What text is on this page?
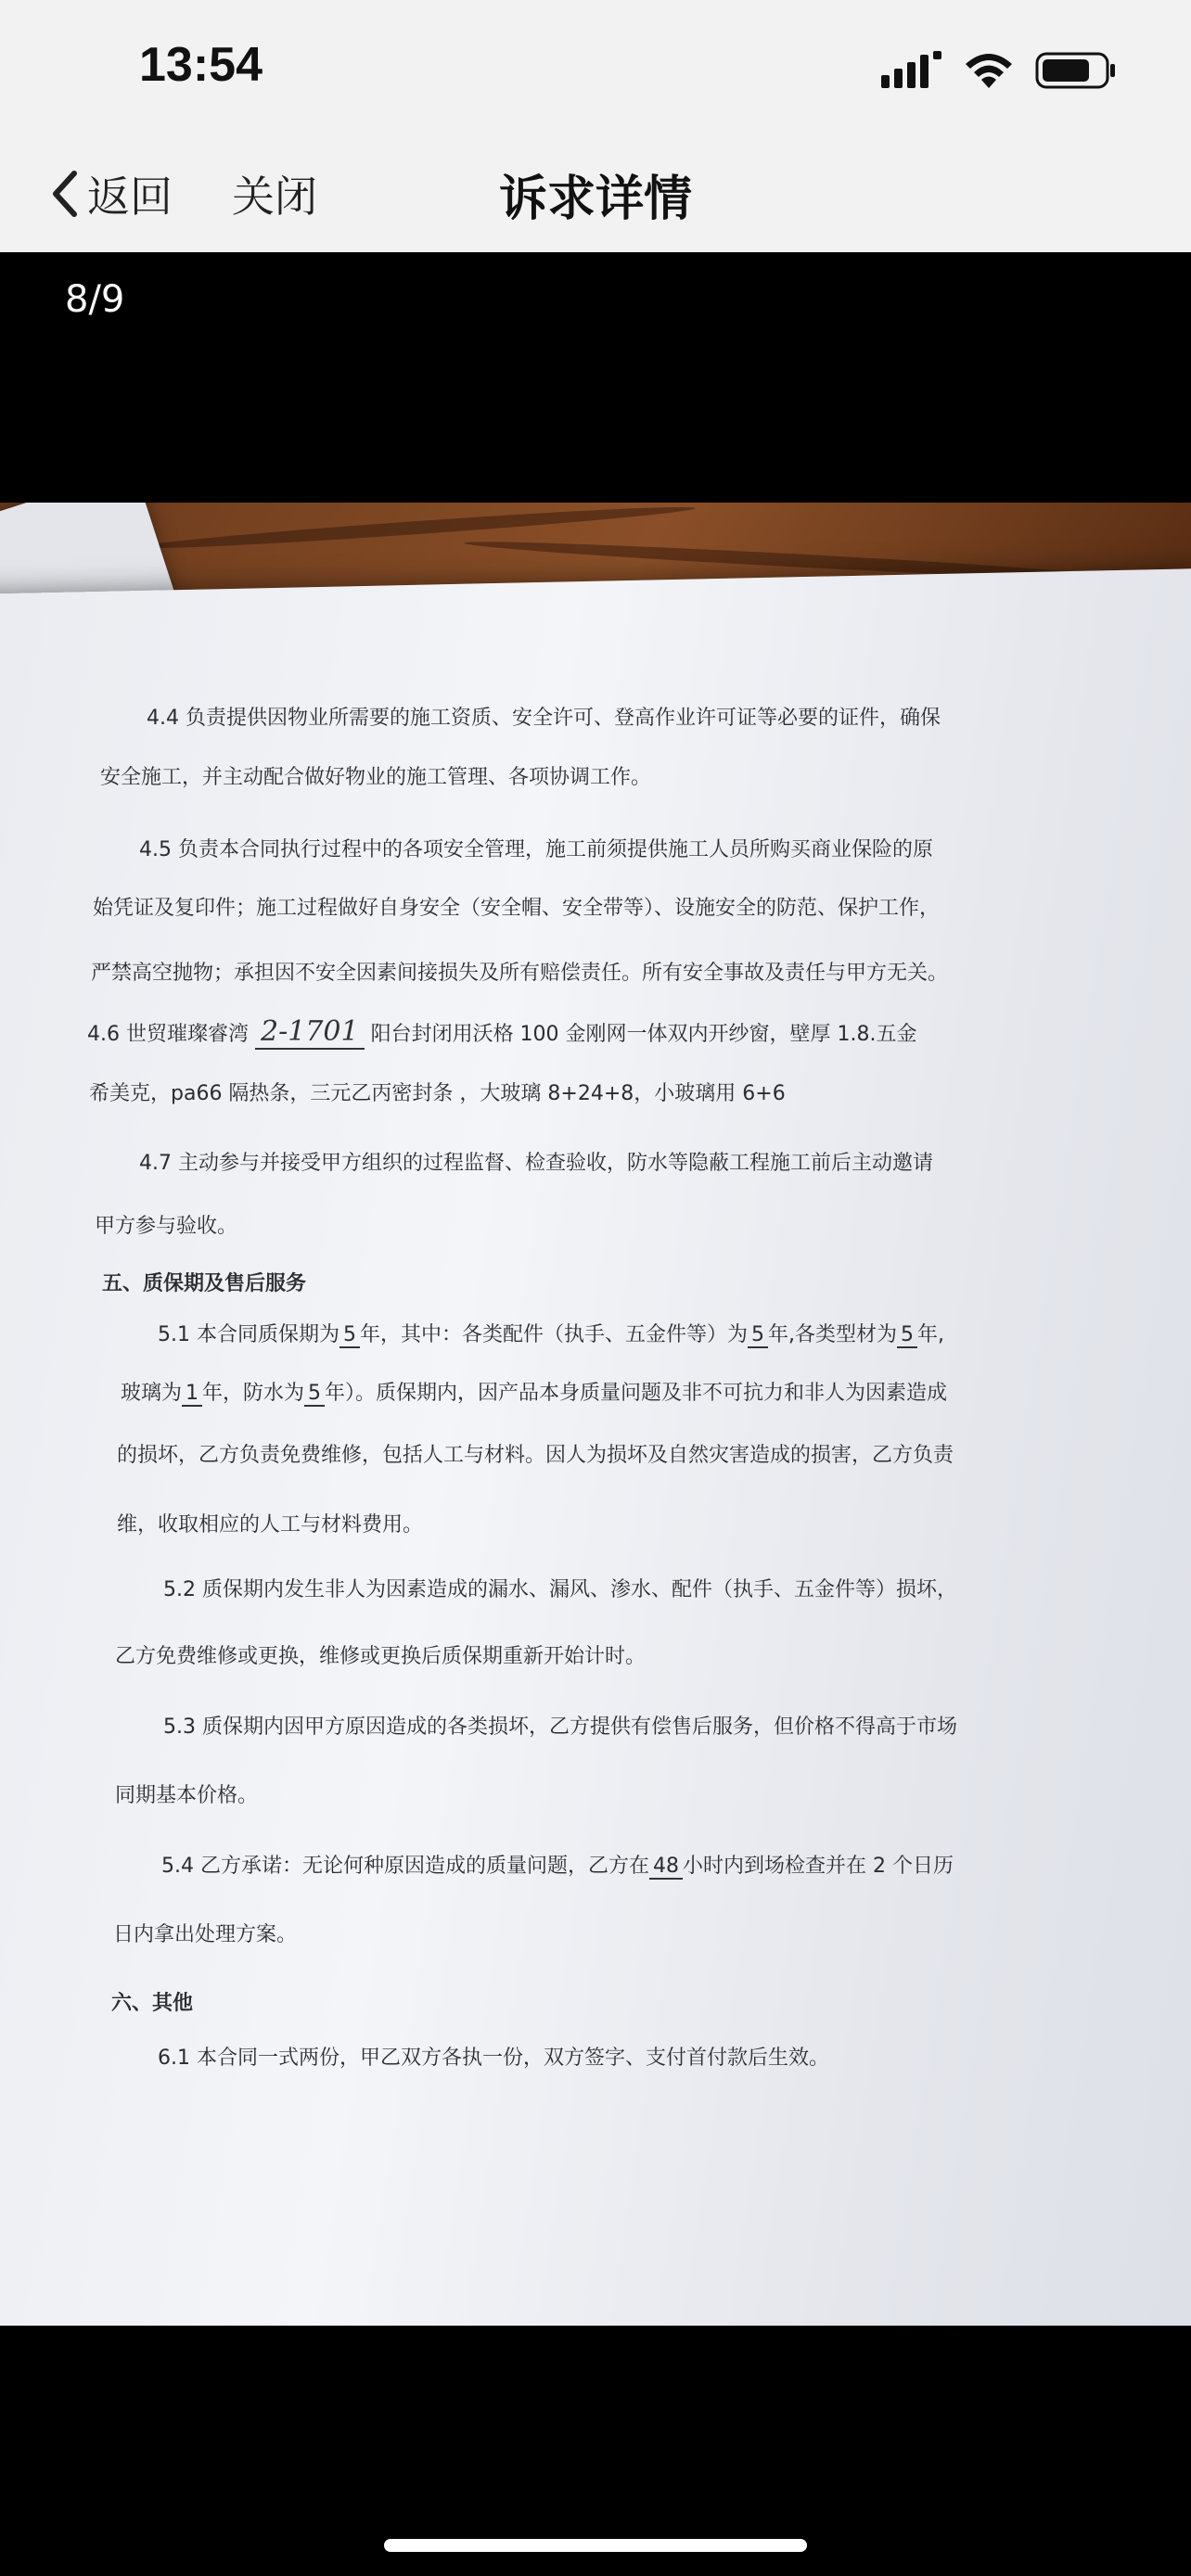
13:54
返回 关闭	诉求详情
8/9
4.4 负责提供因物业所需要的施工资质、安全许可、登高作业许可证等必要的证件，确保
安全施工，并主动配合做好物业的施工管理、各项协调工作。
4.5 负责本合同执行过程中的各项安全管理，施工前须提供施工人员所购买商业保险的原
始凭证及复印件；施工过程做好自身安全（安全帽、安全带等）、设施安全的防范、保护工作，
严禁高空抛物；承担因不安全因素间接损失及所有赔偿责任。所有安全事故及责任与甲方无关。
4.6 世贸璀璨睿湾 2-1701 阳台封闭用沃格 100 金刚网一体双内开纱窗，壁厚 1.8.五金
希美克，pa66 隔热条，三元乙丙密封条 ，大玻璃 8+24+8，小玻璃用 6+6
4.7 主动参与并接受甲方组织的过程监督、检查验收，防水等隐蔽工程施工前后主动邀请
甲方参与验收。
五、质保期及售后服务
5.1 本合同质保期为 5 年，其中：各类配件（执手、五金件等）为 5 年,各类型材为 5 年,
玻璃为 1 年，防水为 5 年）。质保期内，因产品本身质量问题及非不可抗力和非人为因素造成
的损坏，乙方负责免费维修，包括人工与材料。因人为损坏及自然灾害造成的损害，乙方负责
维，收取相应的人工与材料费用。
5.2 质保期内发生非人为因素造成的漏水、漏风、渗水、配件（执手、五金件等）损坏，
乙方免费维修或更换，维修或更换后质保期重新开始计时。
5.3 质保期内因甲方原因造成的各类损坏，乙方提供有偿售后服务，但价格不得高于市场
同期基本价格。
5.4 乙方承诺：无论何种原因造成的质量问题，乙方在 48 小时内到场检查并在 2 个日历
日内拿出处理方案。
六、其他
6.1 本合同一式两份，甲乙双方各执一份，双方签字、支付首付款后生效。
